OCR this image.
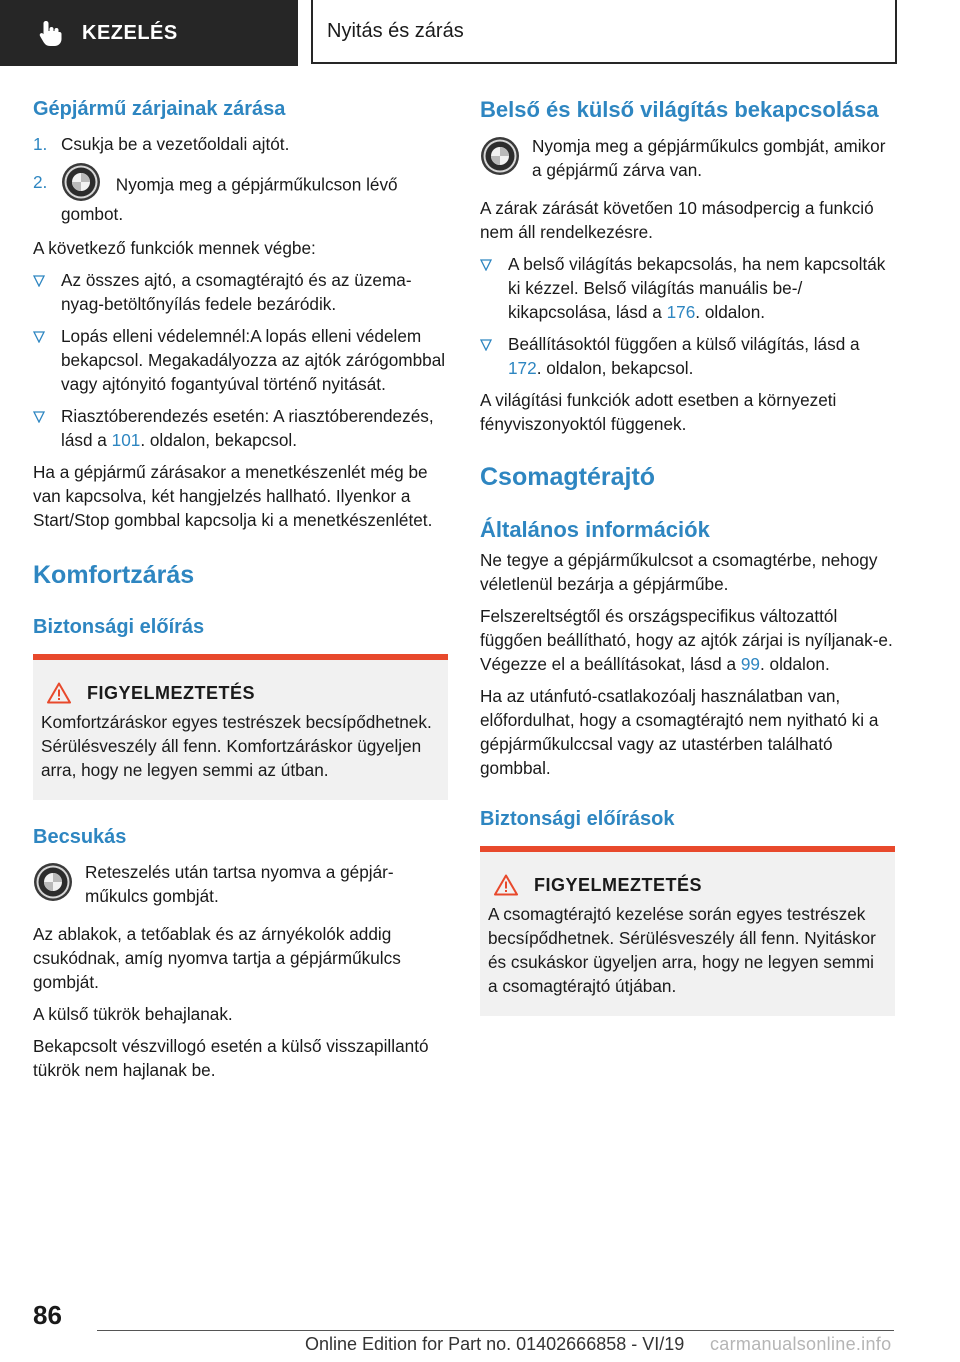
KEZELÉS	Nyitás és zárás
Gépjármű zárjainak zárása
1. Csukja be a vezetőoldali ajtót.
2.	Nyomja meg a gépjárműkulcson lévő gombot.

A következő funkciók mennek végbe:

Az összes ajtó, a csomagtérajtó és az üzemanyag-betöltőnyílás fedele bezáródik.
Lopás elleni védelemnél:A lopás elleni védelem bekapcsol. Megakadályozza az ajtók zárógombbal vagy ajtónyitó fogantyúval történő nyitását.
Riasztóberendezés esetén: A riasztóberendezés, lásd a 101. oldalon, bekapcsol.

Ha a gépjármű zárásakor a menetkészenlét még be van kapcsolva, két hangjelzés hallható. Ilyenkor a Start/Stop gombbal kapcsolja ki a menetkészenlétet.

Komfortzárás
Biztonsági előírás
FIGYELMEZTETÉS

Komfortzáráskor egyes testrészek becsípődhetnek. Sérülésveszély áll fenn. Komfortzáráskor ügyeljen arra, hogy ne legyen semmi az útban.

Becsukás

Reteszelés után tartsa nyomva a gépjárműkulcs gombját.

Az ablakok, a tetőablak és az árnyékolók addig csukódnak, amíg nyomva tartja a gépjárműkulcs gombját.

A külső tükrök behajlanak.

Bekapcsolt vészvillogó esetén a külső visszapillantó tükrök nem hajlanak be.

Belső és külső világítás bekapcsolása

Nyomja meg a gépjárműkulcs gombját, amikor a gépjármű zárva van.

A zárak zárását követően 10 másodpercig a funkció nem áll rendelkezésre.

A belső világítás bekapcsolás, ha nem kapcsolták ki kézzel. Belső világítás manuális be-/ kikapcsolása, lásd a 176. oldalon.
Beállításoktól függően a külső világítás, lásd a 172. oldalon, bekapcsol.

A világítási funkciók adott esetben a környezeti fényviszonyoktól függenek.

Csomagtérajtó
Általános információk

Ne tegye a gépjárműkulcsot a csomagtérbe, nehogy véletlenül bezárja a gépjárműbe.

Felszereltségtől és országspecifikus változattól függően beállítható, hogy az ajtók zárjai is nyíljanak-e. Végezze el a beállításokat, lásd a 99. oldalon.

Ha az utánfutó-csatlakozóalj használatban van, előfordulhat, hogy a csomagtérajtó nem nyitható ki a gépjárműkulccsal vagy az utastérben található gombbal.

Biztonsági előírások
FIGYELMEZTETÉS

A csomagtérajtó kezelése során egyes testrészek becsípődhetnek. Sérülésveszély áll fenn. Nyitáskor és csukáskor ügyeljen arra, hogy ne legyen semmi a csomagtérajtó útjában.

86
Online Edition for Part no. 01402666858 - VI/19 carmanualsonline.info
